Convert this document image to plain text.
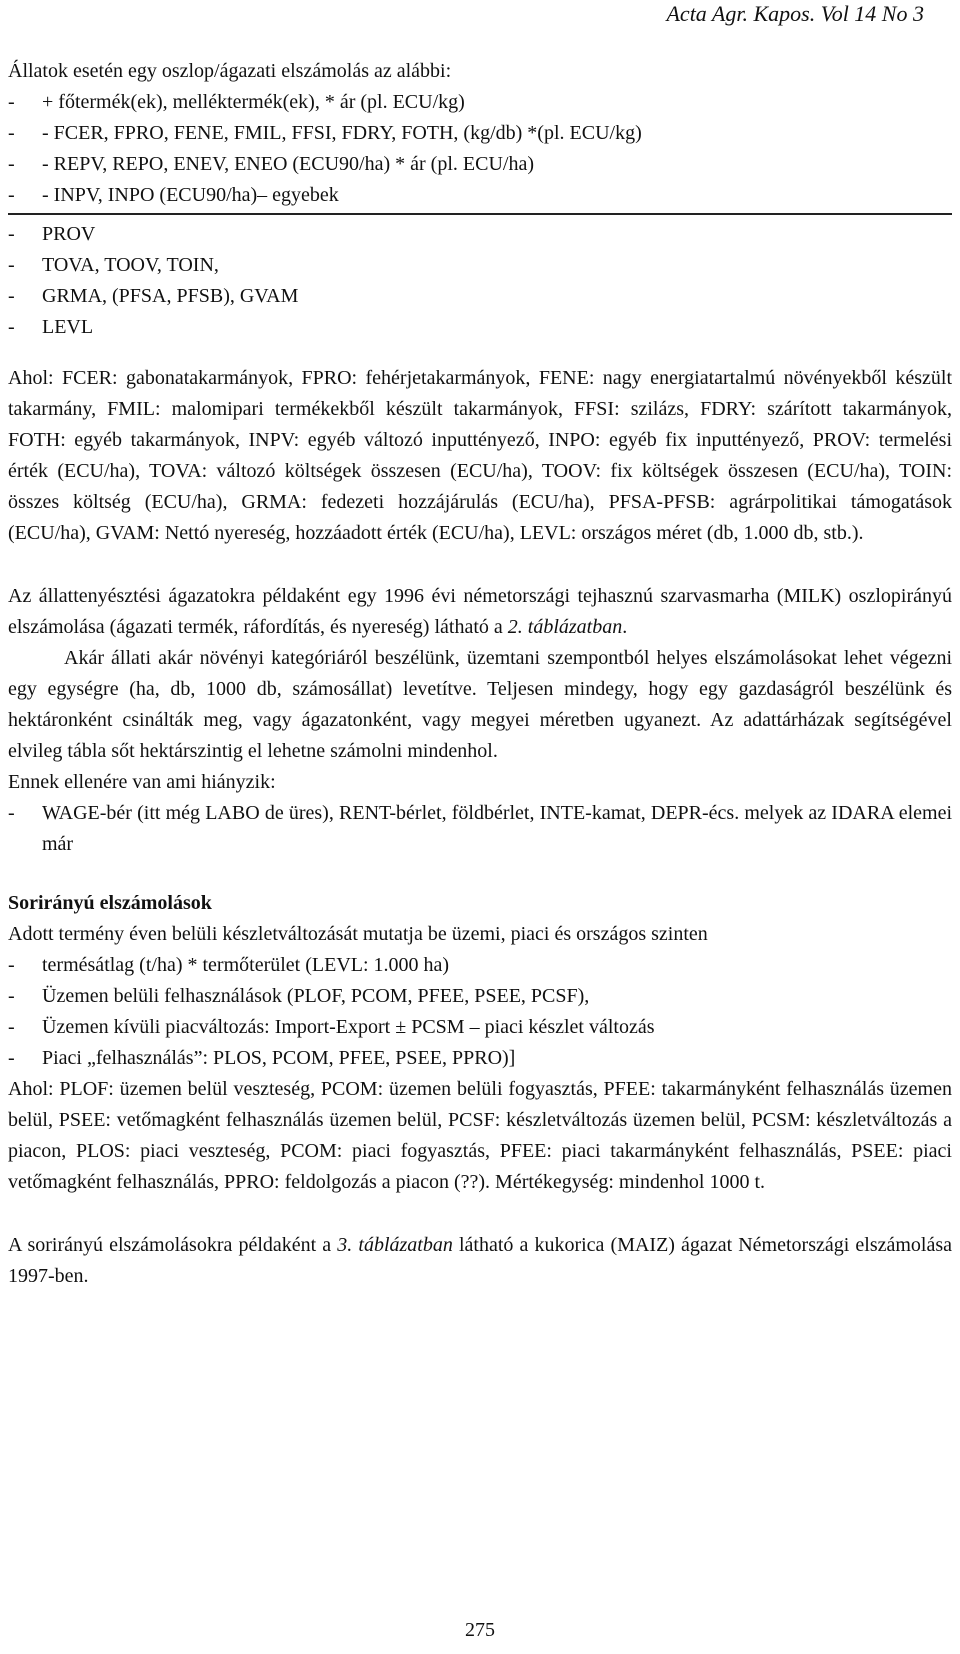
Acta Agr. Kapos. Vol 14 No 3

Állatok esetén egy oszlop/ágazati elszámolás az alábbi:

-	+ főtermék(ek), melléktermék(ek), * ár (pl. ECU/kg)
-	- FCER, FPRO, FENE, FMIL, FFSI, FDRY, FOTH, (kg/db) *(pl. ECU/kg)
-	- REPV, REPO, ENEV, ENEO (ECU90/ha) * ár (pl. ECU/ha)
-	- INPV, INPO (ECU90/ha)– egyebek
-	PROV
-	TOVA, TOOV, TOIN,
-	GRMA, (PFSA, PFSB), GVAM
-	LEVL

Ahol: FCER: gabonatakarmányok, FPRO: fehérjetakarmányok, FENE: nagy energiatartalmú növényekből készült takarmány, FMIL: malomipari termékekből készült takarmányok, FFSI: szilázs, FDRY: szárított takarmányok, FOTH: egyéb takarmányok, INPV: egyéb változó inputtényező, INPO: egyéb fix inputtényező, PROV: termelési érték (ECU/ha), TOVA: változó költségek összesen (ECU/ha), TOOV: fix költségek összesen (ECU/ha), TOIN: összes költség (ECU/ha), GRMA: fedezeti hozzájárulás (ECU/ha), PFSA-PFSB: agrárpolitikai támogatások (ECU/ha), GVAM: Nettó nyereség, hozzáadott érték (ECU/ha), LEVL: országos méret (db, 1.000 db, stb.).

Az állattenyésztési ágazatokra példaként egy 1996 évi németországi tejhasznú szarvasmarha (MILK) oszlopirányú elszámolása (ágazati termék, ráfordítás, és nyereség) látható a 2. táblázatban.

Akár állati akár növényi kategóriáról beszélünk, üzemtani szempontból helyes elszámolásokat lehet végezni egy egységre (ha, db, 1000 db, számosállat) levetítve. Teljesen mindegy, hogy egy gazdaságról beszélünk és hektáronként csinálták meg, vagy ágazatonként, vagy megyei méretben ugyanezt. Az adattárházak segítségével elvileg tábla sőt hektárszintig el lehetne számolni mindenhol.

Ennek ellenére van ami hiányzik:

-	WAGE-bér (itt még LABO de üres), RENT-bérlet, földbérlet, INTE-kamat, DEPR-écs. melyek az IDARA elemei már

Sorirányú elszámolások

Adott termény éven belüli készletváltozását mutatja be üzemi, piaci és országos szinten

-	termésátlag (t/ha) * termőterület (LEVL: 1.000 ha)
-	Üzemen belüli felhasználások (PLOF, PCOM, PFEE, PSEE, PCSF),
-	Üzemen kívüli piacváltozás: Import-Export ± PCSM – piaci készlet változás
-	Piaci „felhasználás”: PLOS, PCOM, PFEE, PSEE, PPRO)]

Ahol: PLOF: üzemen belül veszteség, PCOM: üzemen belüli fogyasztás, PFEE: takarmányként felhasználás üzemen belül, PSEE: vetőmagként felhasználás üzemen belül, PCSF: készletváltozás üzemen belül, PCSM: készletváltozás a piacon, PLOS: piaci veszteség, PCOM: piaci fogyasztás, PFEE: piaci takarmányként felhasználás, PSEE: piaci vetőmagként felhasználás, PPRO: feldolgozás a piacon (??). Mértékegység: mindenhol 1000 t.

A sorirányú elszámolásokra példaként a 3. táblázatban látható a kukorica (MAIZ) ágazat Németországi elszámolása 1997-ben.

275
